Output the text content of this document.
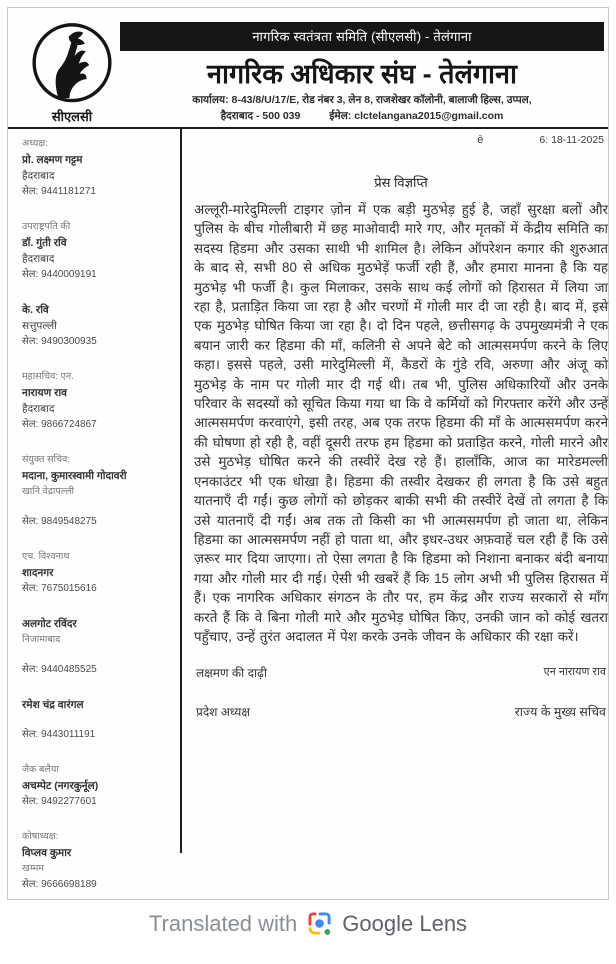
सीएलसी
नागरिक स्वतंत्रता समिति (सीएलसी) - तेलंगाना
नागरिक अधिकार संघ - तेलंगाना
कार्यालय: 8-43/8/U/17/E, रोड नंबर 3, लेन 8, राजशेखर कॉलोनी, बालाजी हिल्स, उप्पल,
हैदराबाद - 500 039	ईमेल: clctelangana2015@gmail.com
अध्यक्ष:
प्रो. लक्ष्मण गट्टम
हैदराबाद
सेल: 9441181271
उपराष्ट्रपति की
डॉ. गुंती रवि
हैदराबाद
सेल: 9440009191
के. रवि
सत्तुपल्ली
सेल: 9490300935
महासचिव: एन.
नारायण राव
हैदराबाद
सेल: 9866724867
संयुक्त सचिव:
मदाना, कुमारस्वामी गोदावरी
खानि वेद्रापल्ली
सेल: 9849548275
एच. विश्वनाथ
शादनगर
सेल: 7675015616
अलगोट रविंदर
निजामाबाद
सेल: 9440485525
रमेश चंद्र वारंगल
सेल: 9443011191
जैक बलैया
अचम्पेट (नगरकुर्नूल)
सेल: 9492277601
कोषाध्यक्ष:
विप्लव कुमार
खम्मम
सेल: 9666698189
ē	6: 18-11-2025
प्रेस विज्ञप्ति
अल्लूरी-मारेदुमिल्ली टाइगर ज़ोन में एक बड़ी मुठभेड़ हुई है, जहाँ सुरक्षा बलों और पुलिस के बीच गोलीबारी में छह माओवादी मारे गए, और मृतकों में केंद्रीय समिति का सदस्य हिडमा और उसका साथी भी शामिल है। लेकिन ऑपरेशन कगार की शुरुआत के बाद से, सभी 80 से अधिक मुठभेड़ें फर्जी रही हैं, और हमारा मानना है कि यह मुठभेड़ भी फर्जी है। कुल मिलाकर, उसके साथ कई लोगों को हिरासत में लिया जा रहा है, प्रताड़ित किया जा रहा है और चरणों में गोली मार दी जा रही है। बाद में, इसे एक मुठभेड़ घोषित किया जा रहा है। दो दिन पहले, छत्तीसगढ़ के उपमुख्यमंत्री ने एक बयान जारी कर हिडमा की माँ, कलिनी से अपने बेटे को आत्मसमर्पण करने के लिए कहा। इससे पहले, उसी मारेदुमिल्ली में, कैडरों के गुंडे रवि, अरुणा और अंजू को मुठभेड़ के नाम पर गोली मार दी गई थी। तब भी, पुलिस अधिकारियों और उनके परिवार के सदस्यों को सूचित किया गया था कि वे कर्मियों को गिरफ्तार करेंगे और उन्हें आत्मसमर्पण करवाएंगे, इसी तरह, अब एक तरफ हिडमा की माँ के आत्मसमर्पण करने की घोषणा हो रही है, वहीं दूसरी तरफ हम हिडमा को प्रताड़ित करने, गोली मारने और उसे मुठभेड़ घोषित करने की तस्वीरें देख रहे हैं। हालाँकि, आज का मारेडमल्ली एनकाउंटर भी एक धोखा है। हिडमा की तस्वीर देखकर ही लगता है कि उसे बहुत यातनाएँ दी गईं। कुछ लोगों को छोड़कर बाकी सभी की तस्वीरें देखें तो लगता है कि उसे यातनाएँ दी गईं। अब तक तो किसी का भी आत्मसमर्पण हो जाता था, लेकिन हिडमा का आत्मसमर्पण नहीं हो पाता था, और इधर-उधर अफ़वाहें चल रही हैं कि उसे ज़रूर मार दिया जाएगा। तो ऐसा लगता है कि हिडमा को निशाना बनाकर बंदी बनाया गया और गोली मार दी गई। ऐसी भी खबरें हैं कि 15 लोग अभी भी पुलिस हिरासत में हैं। एक नागरिक अधिकार संगठन के तौर पर, हम केंद्र और राज्य सरकारों से माँग करते हैं कि वे बिना गोली मारे और मुठभेड़ घोषित किए, उनकी जान को कोई खतरा पहुँचाए, उन्हें तुरंत अदालत में पेश करके उनके जीवन के अधिकार की रक्षा करें।
लक्षमण की दाढ़ी
प्रदेश अध्यक्ष
एन नारायण राव
राज्य के मुख्य सचिव
Translated with Google Lens
